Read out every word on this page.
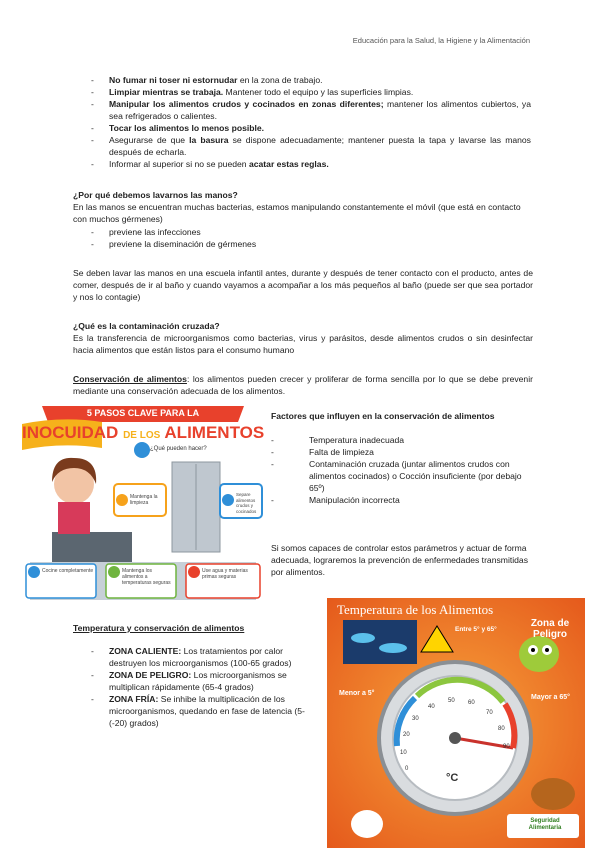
Educación para la Salud, la Higiene y la Alimentación
- No fumar ni toser ni estornudar en la zona de trabajo.
- Limpiar mientras se trabaja. Mantener todo el equipo y las superficies limpias.
- Manipular los alimentos crudos y cocinados en zonas diferentes; mantener los alimentos cubiertos, ya sea refrigerados o calientes.
- Tocar los alimentos lo menos posible.
- Asegurarse de que la basura se dispone adecuadamente; mantener puesta la tapa y lavarse las manos después de echarla.
- Informar al superior si no se pueden acatar estas reglas.
¿Por qué debemos lavarnos las manos?
En las manos se encuentran muchas bacterias, estamos manipulando constantemente el móvil (que está en contacto con muchos gérmenes)
- previene las infecciones
- previene la diseminación de gérmenes
Se deben lavar las manos en una escuela infantil antes, durante y después de tener contacto con el producto, antes de comer, después de ir al baño y cuando vayamos a acompañar a los más pequeños al baño (puede ser que sea portador y nos lo contagie)
¿Qué es la contaminación cruzada?
Es la transferencia de microorganismos como bacterias, virus y parásitos, desde alimentos crudos o sin desinfectar hacia alimentos que están listos para el consumo humano
Conservación de alimentos: los alimentos pueden crecer y proliferar de forma sencilla por lo que se debe prevenir mediante una conservación adecuada de los alimentos.
5 PASOS CLAVE PARA LA
INOCUIDAD DE LOS ALIMENTOS
¿Qué pueden hacer?
Mantenga la limpieza
Separe alimentos crudos y cocinados
Cocine completamente	Mantenga los alimentos a temperaturas seguras
Use agua y materias primas seguras
Factores que influyen en la conservación de alimentos
- Temperatura inadecuada
- Falta de limpieza
- Contaminación cruzada (juntar alimentos crudos con alimentos cocinados) o Cocción insuficiente (por debajo 65º)
- Manipulación incorrecta
Si somos capaces de controlar estos parámetros y actuar de forma adecuada, lograremos la prevención de enfermedades transmitidas por alimentos.
Temperatura y conservación de alimentos
- ZONA CALIENTE: Los tratamientos por calor destruyen los microorganismos (100-65 grados)
- ZONA DE PELIGRO: Los microorganismos se multiplican rápidamente (65-4 grados)
- ZONA FRÍA: Se inhibe la multiplicación de los microorganismos, quedando en fase de latencia (5-(-20) grados)
Temperatura de los Alimentos
Zona de Peligro
Entre 5° y 65°
Menor a 5°
Mayor a 65°
°C
0
10
20
30
40
50 60
70
80
90
Seguridad Alimentaria
